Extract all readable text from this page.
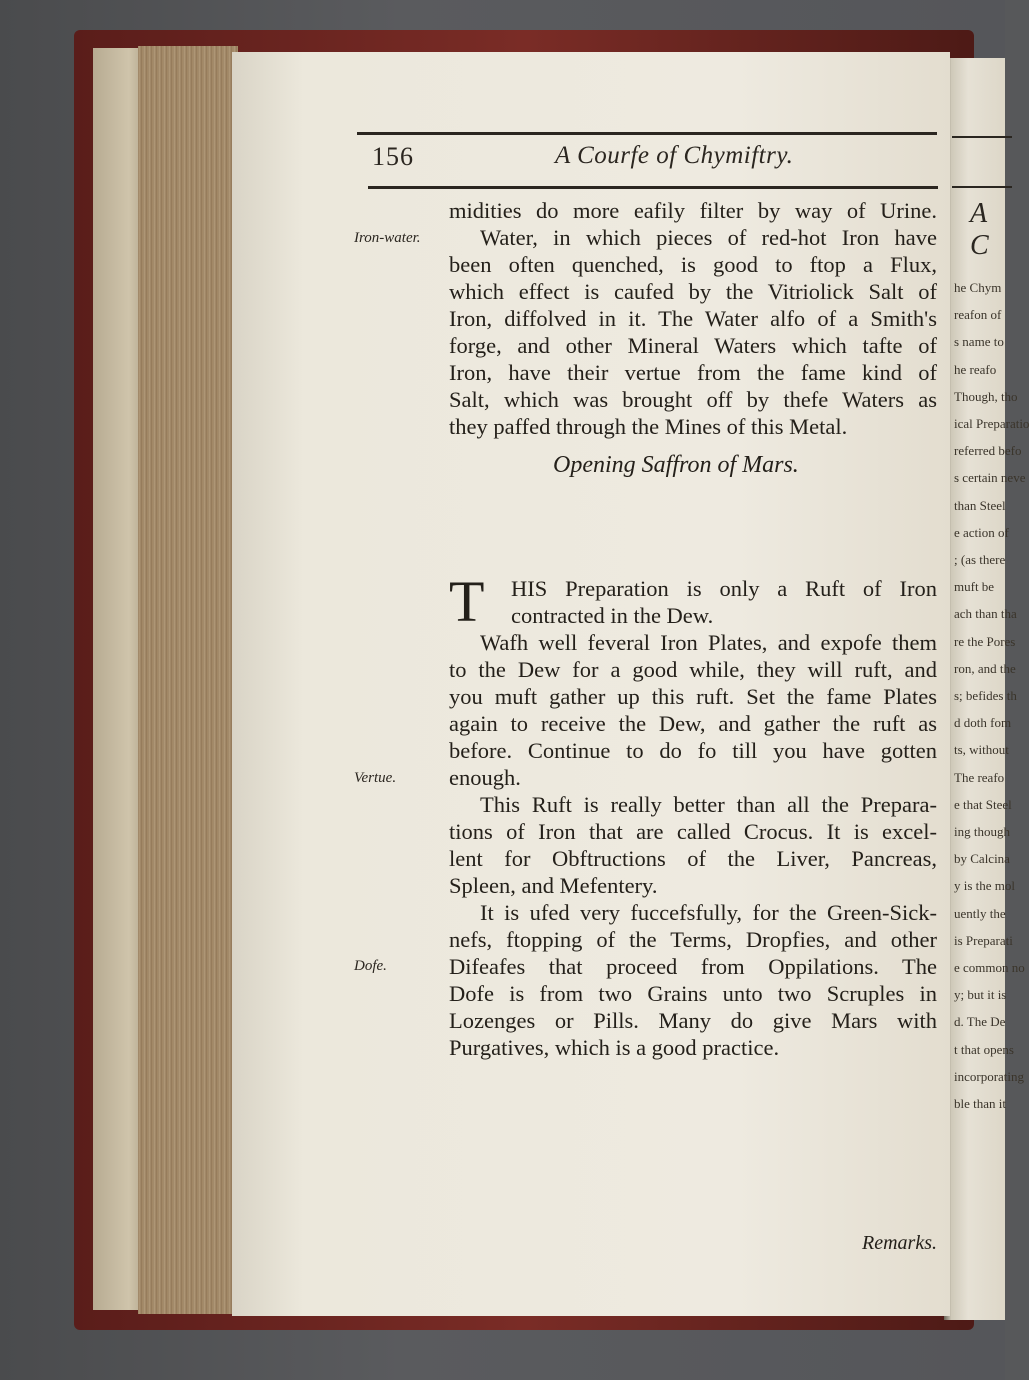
A C
he Chym
reafon of
s name to
he reafo
Though, tho
ical Preparatio
referred befo
s certain neve
than Steel
e action of
; (as there
muft be
ach than tha
re the Pores
ron, and the
s; befides th
d doth fom
ts, without
The reafo
e that Steel
ing though
by Calcina
y is the mol
uently the
is Preparati
e common no
y; but it is
d. The De
t that opens
incorporating
ble than it
156	A Courfe of Chymiftry.
Iron-water.
Vertue.
Dofe.

midities do more eafily filter by way of Urine.

Water, in which pieces of red-hot Iron have

been often quenched, is good to ftop a Flux,

which effect is caufed by the Vitriolick Salt of

Iron, diffolved in it. The Water alfo of a Smith's

forge, and other Mineral Waters which tafte of

Iron, have their vertue from the fame kind of

Salt, which was brought off by thefe Waters as

they paffed through the Mines of this Metal.

Opening Saffron of Mars.
T HIS Preparation is only a Ruft of Iron

contracted in the Dew.

Wafh well feveral Iron Plates, and expofe them

to the Dew for a good while, they will ruft, and

you muft gather up this ruft. Set the fame Plates

again to receive the Dew, and gather the ruft as

before. Continue to do fo till you have gotten

enough.

This Ruft is really better than all the Prepara-

tions of Iron that are called Crocus. It is excel-

lent for Obftructions of the Liver, Pancreas,

Spleen, and Mefentery.

It is ufed very fuccefsfully, for the Green-Sick-

nefs, ftopping of the Terms, Dropfies, and other

Difeafes that proceed from Oppilations. The

Dofe is from two Grains unto two Scruples in

Lozenges or Pills. Many do give Mars with

Purgatives, which is a good practice.

Remarks.
